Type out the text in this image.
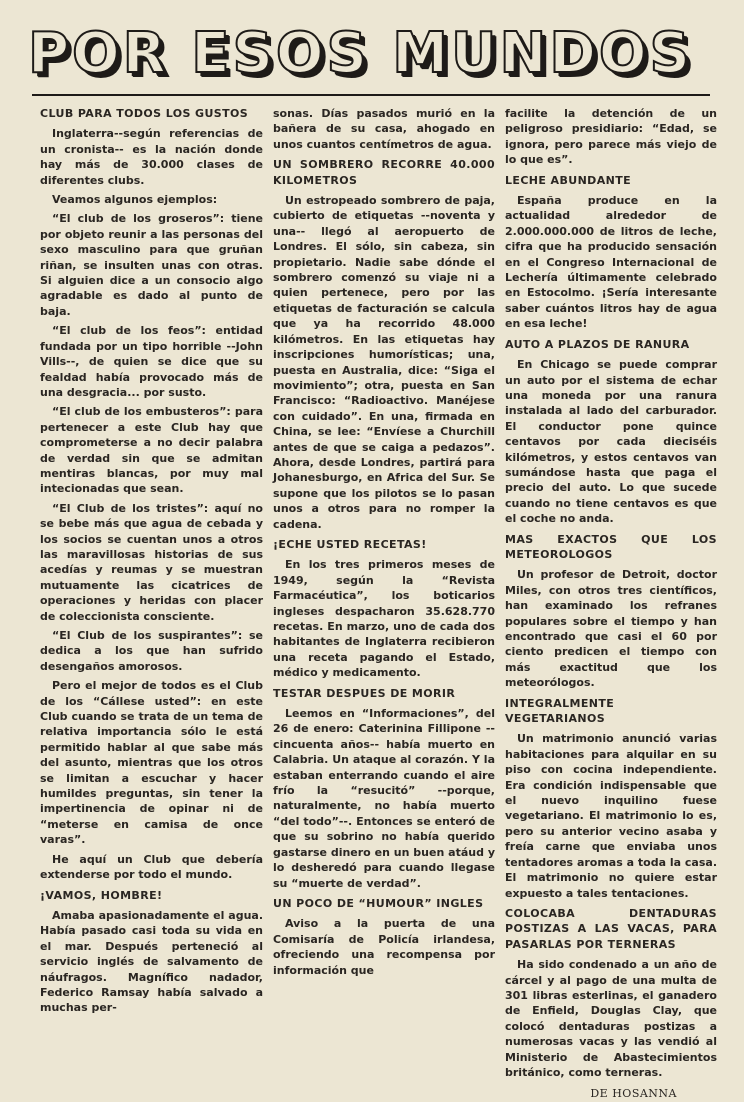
POR ESOS MUNDOS
CLUB PARA TODOS LOS GUSTOS

Inglaterra--según referencias de un cronista-- es la nación donde hay más de 30.000 clases de diferentes clubs.

Veamos algunos ejemplos:

“El club de los groseros”: tiene por objeto reunir a las personas del sexo masculino para que gruñan riñan, se insulten unas con otras. Si alguien dice a un consocio algo agradable es dado al punto de baja.

“El club de los feos”: entidad fundada por un tipo horrible --John Vills--, de quien se dice que su fealdad había provocado más de una desgracia... por susto.

“El club de los embusteros”: para pertenecer a este Club hay que comprometerse a no decir palabra de verdad sin que se admitan mentiras blancas, por muy mal intecionadas que sean.

“El Club de los tristes”: aquí no se bebe más que agua de cebada y los socios se cuentan unos a otros las maravillosas historias de sus acedías y reumas y se muestran mutuamente las cicatrices de operaciones y heridas con placer de coleccionista consciente.

“El Club de los suspirantes”: se dedica a los que han sufrido desengaños amorosos.

Pero el mejor de todos es el Club de los “Cállese usted”: en este Club cuando se trata de un tema de relativa importancia sólo le está permitido hablar al que sabe más del asunto, mientras que los otros se limitan a escuchar y hacer humildes preguntas, sin tener la impertinencia de opinar ni de “meterse en camisa de once varas”.

He aquí un Club que debería extenderse por todo el mundo.

¡VAMOS, HOMBRE!

Amaba apasionadamente el agua. Había pasado casi toda su vida en el mar. Después perteneció al servicio inglés de salvamento de náufragos. Magnífico nadador, Federico Ramsay había salvado a muchas per-

sonas. Días pasados murió en la bañera de su casa, ahogado en unos cuantos centímetros de agua.

UN SOMBRERO RECORRE 40.000 KILOMETROS

Un estropeado sombrero de paja, cubierto de etiquetas --noventa y una-- llegó al aeropuerto de Londres. El sólo, sin cabeza, sin propietario. Nadie sabe dónde el sombrero comenzó su viaje ni a quien pertenece, pero por las etiquetas de facturación se calcula que ya ha recorrido 48.000 kilómetros. En las etiquetas hay inscripciones humorísticas; una, puesta en Australia, dice: “Siga el movimiento”; otra, puesta en San Francisco: “Radioactivo. Manéjese con cuidado”. En una, firmada en China, se lee: “Envíese a Churchill antes de que se caiga a pedazos”. Ahora, desde Londres, partirá para Johanesburgo, en Africa del Sur. Se supone que los pilotos se lo pasan unos a otros para no romper la cadena.

¡ECHE USTED RECETAS!

En los tres primeros meses de 1949, según la “Revista Farmacéutica”, los boticarios ingleses despacharon 35.628.770 recetas. En marzo, uno de cada dos habitantes de Inglaterra recibieron una receta pagando el Estado, médico y medicamento.

TESTAR DESPUES DE MORIR

Leemos en “Informaciones”, del 26 de enero: Caterinina Fillipone --cincuenta años-- había muerto en Calabria. Un ataque al corazón. Y la estaban enterrando cuando el aire frío la “resucitó” --porque, naturalmente, no había muerto “del todo”--. Entonces se enteró de que su sobrino no había querido gastarse dinero en un buen atáud y lo desheredó para cuando llegase su “muerte de verdad”.

UN POCO DE “HUMOUR” INGLES

Aviso a la puerta de una Comisaría de Policía irlandesa, ofreciendo una recompensa por información que

facilite la detención de un peligroso presidiario: “Edad, se ignora, pero parece más viejo de lo que es”.

LECHE ABUNDANTE

España produce en la actualidad alrededor de 2.000.000.000 de litros de leche, cifra que ha producido sensación en el Congreso Internacional de Lechería últimamente celebrado en Estocolmo. ¡Sería interesante saber cuántos litros hay de agua en esa leche!

AUTO A PLAZOS DE RANURA

En Chicago se puede comprar un auto por el sistema de echar una moneda por una ranura instalada al lado del carburador. El conductor pone quince centavos por cada dieciséis kilómetros, y estos centavos van sumándose hasta que paga el precio del auto. Lo que sucede cuando no tiene centavos es que el coche no anda.

MAS EXACTOS QUE LOS METEOROLOGOS

Un profesor de Detroit, doctor Miles, con otros tres científicos, han examinado los refranes populares sobre el tiempo y han encontrado que casi el 60 por ciento predicen el tiempo con más exactitud que los meteorólogos.

INTEGRALMENTE VEGETARIANOS

Un matrimonio anunció varias habitaciones para alquilar en su piso con cocina independiente. Era condición indispensable que el nuevo inquilino fuese vegetariano. El matrimonio lo es, pero su anterior vecino asaba y freía carne que enviaba unos tentadores aromas a toda la casa. El matrimonio no quiere estar expuesto a tales tentaciones.

COLOCABA DENTADURAS POSTIZAS A LAS VACAS, PARA PASARLAS POR TERNERAS

Ha sido condenado a un año de cárcel y al pago de una multa de 301 libras esterlinas, el ganadero de Enfield, Douglas Clay, que colocó dentaduras postizas a numerosas vacas y las vendió al Ministerio de Abastecimientos británico, como terneras.

DE HOSANNA
